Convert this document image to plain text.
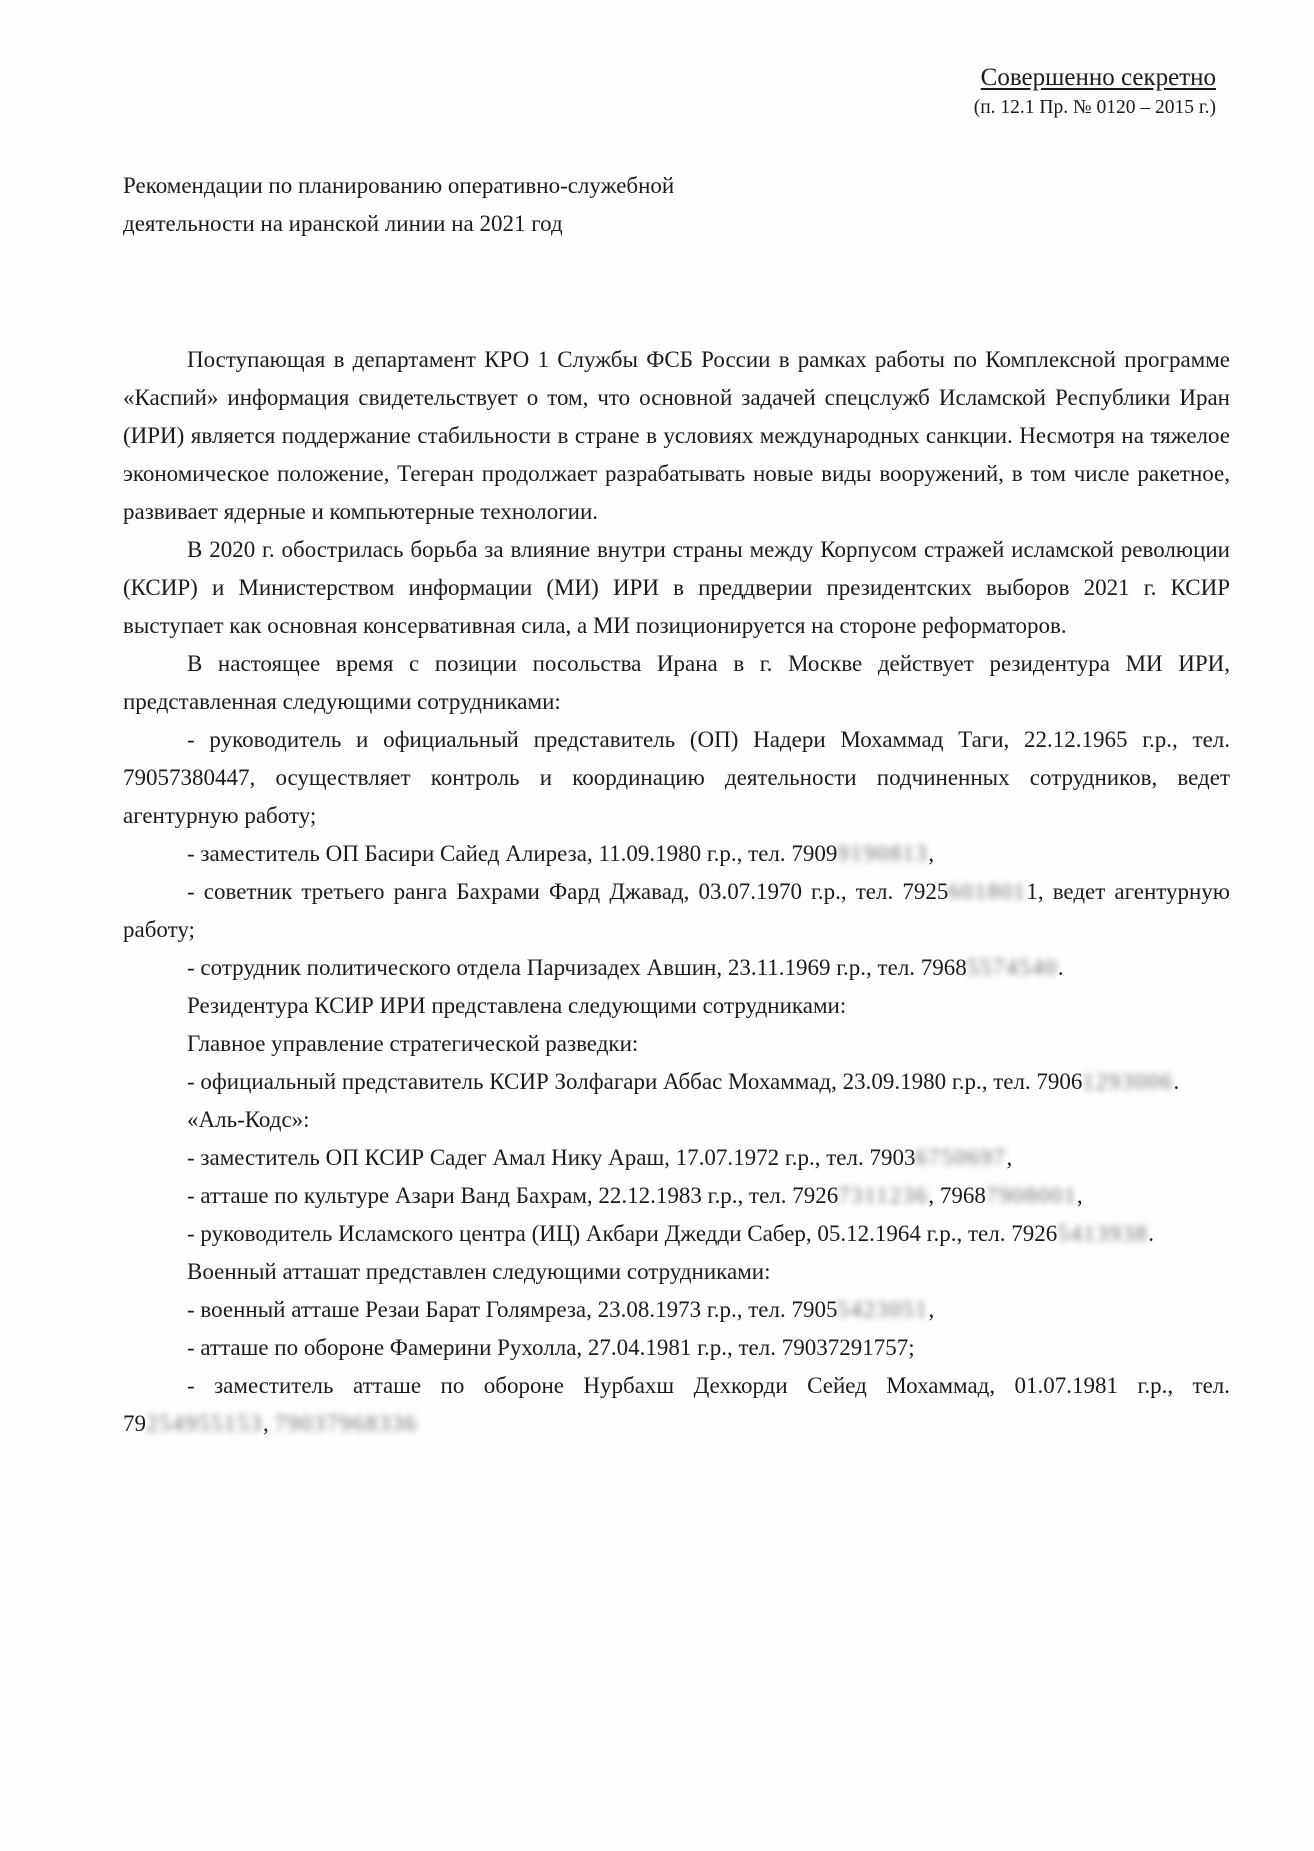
Совершенно секретно
(п. 12.1 Пр. № 0120 – 2015 г.)
Рекомендации по планированию оперативно-служебной
деятельности на иранской линии на 2021 год
Поступающая в департамент КРО 1 Службы ФСБ России в рамках работы по Комплексной программе «Каспий» информация свидетельствует о том, что основной задачей спецслужб Исламской Республики Иран (ИРИ) является поддержание стабильности в стране в условиях международных санкции. Несмотря на тяжелое экономическое положение, Тегеран продолжает разрабатывать новые виды вооружений, в том числе ракетное, развивает ядерные и компьютерные технологии.
В 2020 г. обострилась борьба за влияние внутри страны между Корпусом стражей исламской революции (КСИР) и Министерством информации (МИ) ИРИ в преддверии президентских выборов 2021 г. КСИР выступает как основная консервативная сила, а МИ позиционируется на стороне реформаторов.
В настоящее время с позиции посольства Ирана в г. Москве действует резидентура МИ ИРИ, представленная следующими сотрудниками:
- руководитель и официальный представитель (ОП) Надери Мохаммад Таги, 22.12.1965 г.р., тел. 79057380447, осуществляет контроль и координацию деятельности подчиненных сотрудников, ведет агентурную работу;
- заместитель ОП Басири Сайед Алиреза, 11.09.1980 г.р., тел. 79099190813,
- советник третьего ранга Бахрами Фард Джавад, 03.07.1970 г.р., тел. 79256018011, ведет агентурную работу;
- сотрудник политического отдела Парчизадех Авшин, 23.11.1969 г.р., тел. 79685574540.
Резидентура КСИР ИРИ представлена следующими сотрудниками:
Главное управление стратегической разведки:
- официальный представитель КСИР Золфагари Аббас Мохаммад, 23.09.1980 г.р., тел. 79061293006.
«Аль-Кодс»:
- заместитель ОП КСИР Садег Амал Нику Араш, 17.07.1972 г.р., тел. 79036750697,
- атташе по культуре Азари Ванд Бахрам, 22.12.1983 г.р., тел. 79267311236, 79687908001,
- руководитель Исламского центра (ИЦ) Акбари Джедди Сабер, 05.12.1964 г.р., тел. 79265413938.
Военный атташат представлен следующими сотрудниками:
- военный атташе Резаи Барат Голямреза, 23.08.1973 г.р., тел. 79055423051,
- атташе по обороне Фамерини Рухолла, 27.04.1981 г.р., тел. 79037291757;
- заместитель атташе по обороне Нурбахш Дехкорди Сейед Мохаммад, 01.07.1981 г.р., тел. 79254955153, 79037968336
